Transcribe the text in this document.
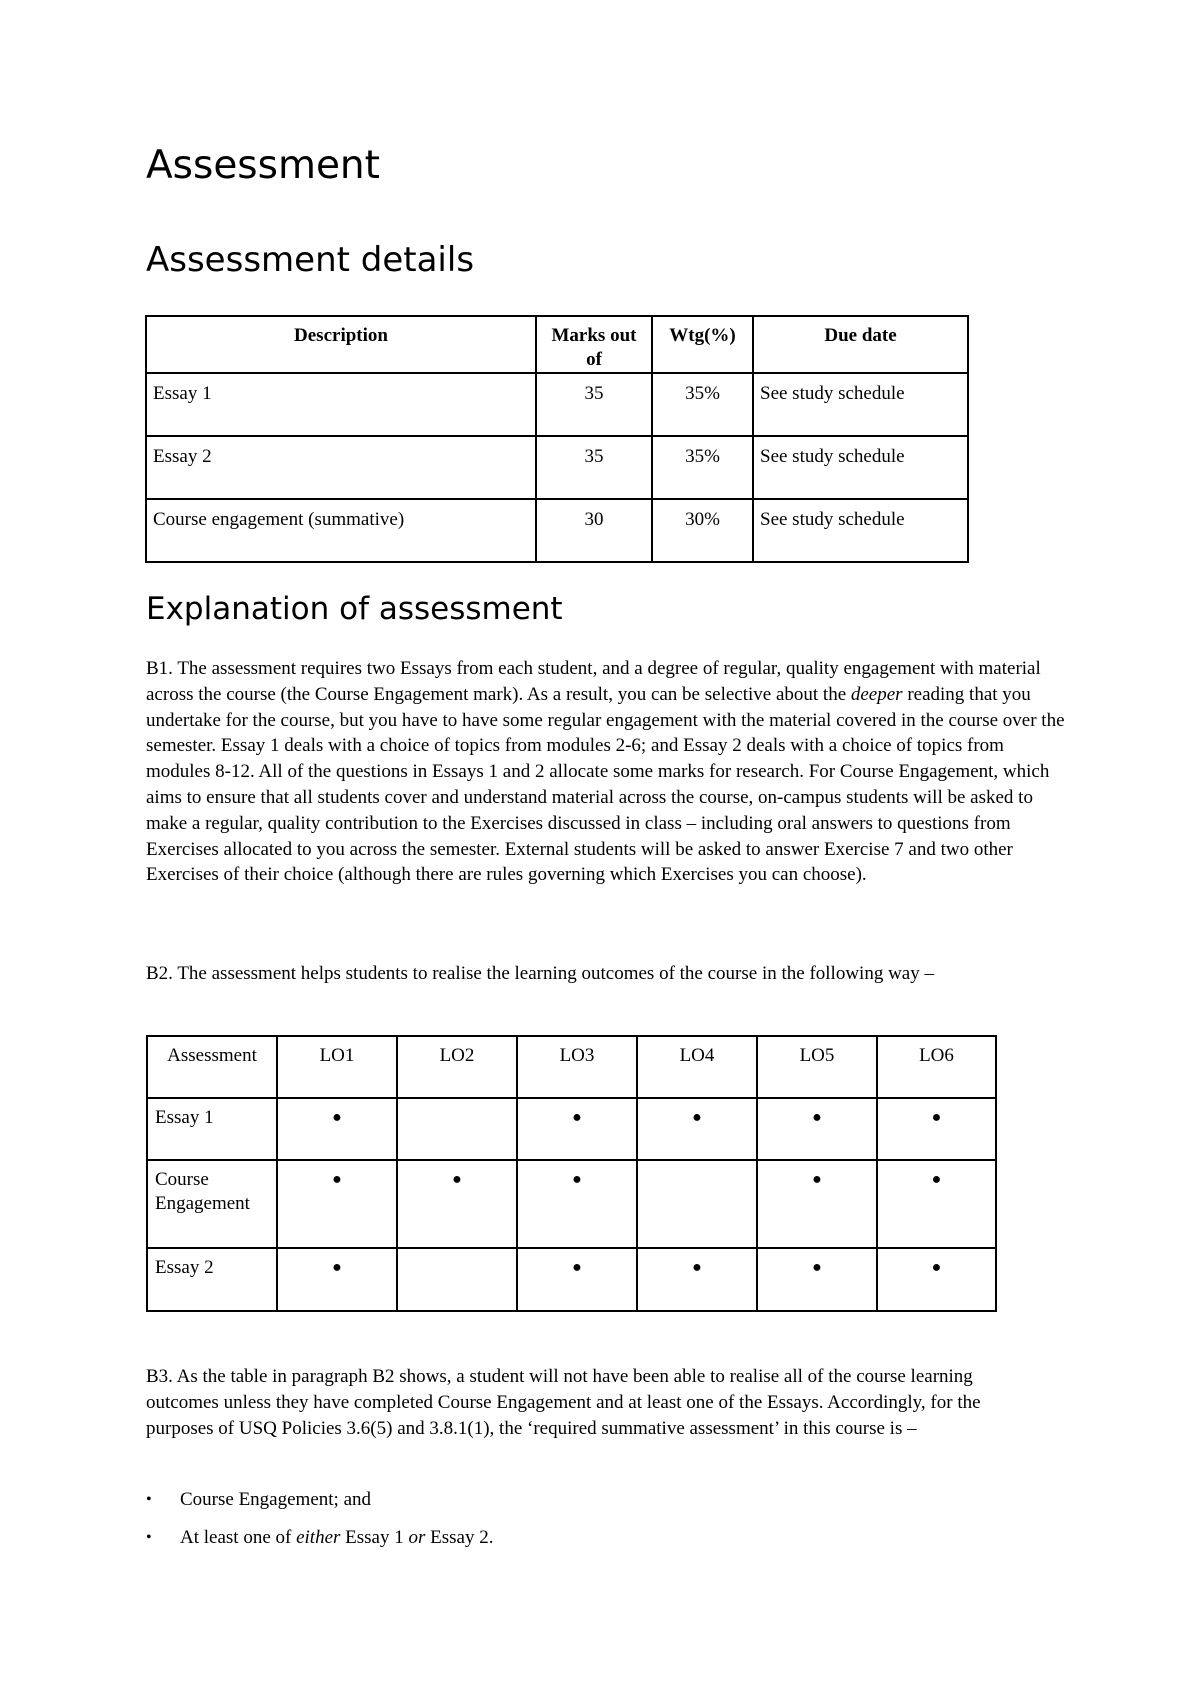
Assessment
Assessment details
Description	Marks out of	Wtg(%)	Due date
Essay 1	35	35%	See study schedule
Essay 2	35	35%	See study schedule
Course engagement (summative)	30	30%	See study schedule
Explanation of assessment

B1. The assessment requires two Essays from each student, and a degree of regular, quality engagement with material across the course (the Course Engagement mark). As a result, you can be selective about the deeper reading that you undertake for the course, but you have to have some regular engagement with the material covered in the course over the semester. Essay 1 deals with a choice of topics from modules 2-6; and Essay 2 deals with a choice of topics from modules 8-12. All of the questions in Essays 1 and 2 allocate some marks for research. For Course Engagement, which aims to ensure that all students cover and understand material across the course, on-campus students will be asked to make a regular, quality contribution to the Exercises discussed in class – including oral answers to questions from Exercises allocated to you across the semester. External students will be asked to answer Exercise 7 and two other Exercises of their choice (although there are rules governing which Exercises you can choose).

B2. The assessment helps students to realise the learning outcomes of the course in the following way –

Assessment	LO1	LO2	LO3	LO4	LO5	LO6
Essay 1	●		●	●	●	●
Course Engagement	●	●	●		●	●
Essay 2	●		●	●	●	●

B3. As the table in paragraph B2 shows, a student will not have been able to realise all of the course learning outcomes unless they have completed Course Engagement and at least one of the Essays. Accordingly, for the purposes of USQ Policies 3.6(5) and 3.8.1(1), the ‘required summative assessment’ in this course is –

• Course Engagement; and
• At least one of either Essay 1 or Essay 2.
